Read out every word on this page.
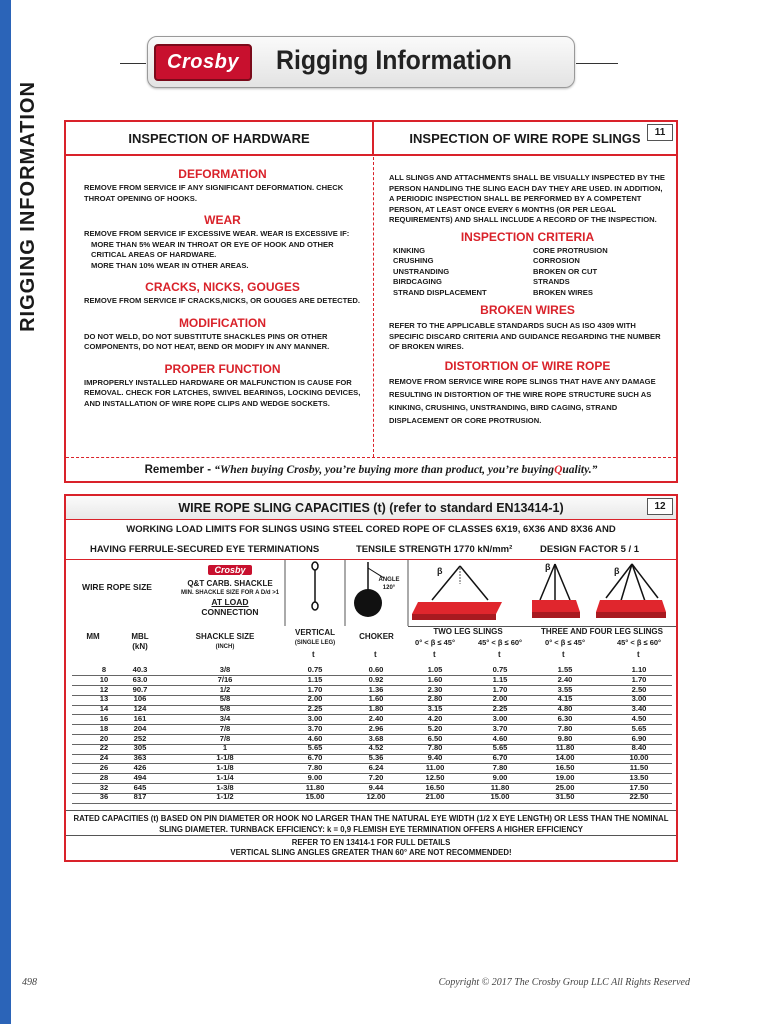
RIGGING INFORMATION
Crosby Rigging Information
INSPECTION OF HARDWARE	INSPECTION OF WIRE ROPE SLINGS	11
DEFORMATION
REMOVE FROM SERVICE IF ANY SIGNIFICANT DEFORMATION. CHECK THROAT OPENING OF HOOKS.
WEAR
REMOVE FROM SERVICE IF EXCESSIVE WEAR. WEAR IS EXCESSIVE IF:
MORE THAN 5% WEAR IN THROAT OR EYE OF HOOK AND OTHER CRITICAL AREAS OF HARDWARE.
MORE THAN 10% WEAR IN OTHER AREAS.
CRACKS, NICKS, GOUGES
REMOVE FROM SERVICE IF CRACKS,NICKS, OR GOUGES ARE DETECTED.
MODIFICATION
DO NOT WELD, DO NOT SUBSTITUTE SHACKLES PINS OR OTHER COMPONENTS, DO NOT HEAT, BEND OR MODIFY IN ANY MANNER.
PROPER FUNCTION
IMPROPERLY INSTALLED HARDWARE OR MALFUNCTION IS CAUSE FOR REMOVAL. CHECK FOR LATCHES, SWIVEL BEARINGS, LOCKING DEVICES, AND INSTALLATION OF WIRE ROPE CLIPS AND WEDGE SOCKETS.
ALL SLINGS AND ATTACHMENTS SHALL BE VISUALLY INSPECTED BY THE PERSON HANDLING THE SLING EACH DAY THEY ARE USED. IN ADDITION, A PERIODIC INSPECTION SHALL BE PERFORMED BY A COMPETENT PERSON, AT LEAST ONCE EVERY 6 MONTHS (OR PER LEGAL REQUIREMENTS) AND SHALL INCLUDE A RECORD OF THE INSPECTION.
INSPECTION CRITERIA
KINKING	CORE PROTRUSION
CRUSHING	CORROSION
UNSTRANDING	BROKEN OR CUT
BIRDCAGING	STRANDS
STRAND DISPLACEMENT	BROKEN WIRES
BROKEN WIRES
REFER TO THE APPLICABLE STANDARDS SUCH AS ISO 4309 WITH SPECIFIC DISCARD CRITERIA AND GUIDANCE REGARDING THE NUMBER OF BROKEN WIRES.
DISTORTION OF WIRE ROPE
REMOVE FROM SERVICE WIRE ROPE SLINGS THAT HAVE ANY DAMAGE RESULTING IN DISTORTION OF THE WIRE ROPE STRUCTURE SUCH AS KINKING, CRUSHING, UNSTRANDING, BIRD CAGING, STRAND DISPLACEMENT OR CORE PROTRUSION.
Remember -
“When buying Crosby, you’re buying more than product, you’re buying Q uality.”
WIRE ROPE SLING CAPACITIES (t) (refer to standard EN13414-1)	12
WORKING LOAD LIMITS FOR SLINGS USING STEEL CORED ROPE OF CLASSES 6X19, 6X36 AND 8X36 AND
HAVING FERRULE-SECURED EYE TERMINATIONS	TENSILE STRENGTH 1770 kN/mm²	DESIGN FACTOR 5 / 1
WIRE ROPE SIZE
Crosby
Q&T CARB. SHACKLE
MIN. SHACKLE SIZE FOR A D/d >1
AT LOAD
CONNECTION
ANGLE
120°
β	β	β
MM	MBL
(kN)
SHACKLE SIZE
(INCH)
VERTICAL
(SINGLE LEG)
CHOKER
TWO LEG SLINGS	THREE AND FOUR LEG SLINGS
0° < β ≤ 45°	45° < β ≤ 60°	0° < β ≤ 45°	45° < β ≤ 60°
t	t	t	t	t	t
8	40.3	3/8	0.75	0.60	1.05	0.75	1.55	1.10
10	63.0	7/16	1.15	0.92	1.60	1.15	2.40	1.70
12	90.7	1/2	1.70	1.36	2.30	1.70	3.55	2.50
13	106	5/8	2.00	1.60	2.80	2.00	4.15	3.00
14	124	5/8	2.25	1.80	3.15	2.25	4.80	3.40
16	161	3/4	3.00	2.40	4.20	3.00	6.30	4.50
18	204	7/8	3.70	2.96	5.20	3.70	7.80	5.65
20	252	7/8	4.60	3.68	6.50	4.60	9.80	6.90
22	305	1	5.65	4.52	7.80	5.65	11.80	8.40
24	363	1-1/8	6.70	5.36	9.40	6.70	14.00	10.00
26	426	1-1/8	7.80	6.24	11.00	7.80	16.50	11.50
28	494	1-1/4	9.00	7.20	12.50	9.00	19.00	13.50
32	645	1-3/8	11.80	9.44	16.50	11.80	25.00	17.50
36	817	1-1/2	15.00	12.00	21.00	15.00	31.50	22.50
RATED CAPACITIES (t) BASED ON PIN DIAMETER OR HOOK NO LARGER THAN THE NATURAL EYE WIDTH (1/2 X EYE LENGTH) OR LESS THAN THE NOMINAL SLING DIAMETER. TURNBACK EFFICIENCY: k = 0,9 FLEMISH EYE TERMINATION OFFERS A HIGHER EFFICIENCY
REFER TO EN 13414-1 FOR FULL DETAILS
VERTICAL SLING ANGLES GREATER THAN 60° ARE NOT RECOMMENDED!
498	Copyright © 2017 The Crosby Group LLC All Rights Reserved
